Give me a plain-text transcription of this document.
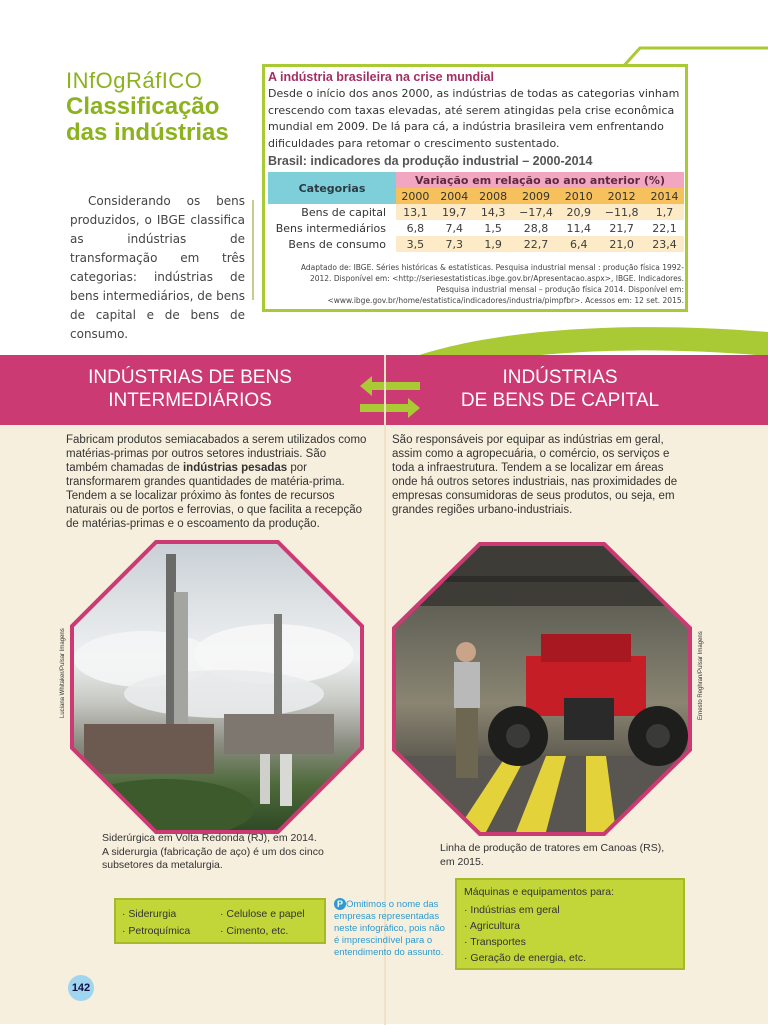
INfOgRáfICO
Classificação
das indústrias
Considerando os bens produzidos, o IBGE classifica as indústrias de transformação em três categorias: indústrias de bens intermediários, de bens de capital e de bens de consumo.
A indústria brasileira na crise mundial
Desde o início dos anos 2000, as indústrias de todas as categorias vinham crescendo com taxas elevadas, até serem atingidas pela crise econômica mundial em 2009. De lá para cá, a indústria brasileira vem enfrentando dificuldades para retomar o crescimento sustentado.
Brasil: indicadores da produção industrial – 2000-2014
Categorias	Variação em relação ao ano anterior (%)						
	2000	2004	2008	2009	2010	2012	2014
Bens de capital	13,1	19,7	14,3	−17,4	20,9	−11,8	1,7
Bens intermediários	6,8	7,4	1,5	28,8	11,4	21,7	22,1
Bens de consumo	3,5	7,3	1,9	22,7	6,4	21,0	23,4
Adaptado de: IBGE. Séries históricas & estatísticas. Pesquisa industrial mensal : produção física 1992-2012. Disponível em: <http://seriesestatisticas.ibge.gov.br/Apresentacao.aspx>, IBGE. Indicadores. Pesquisa industrial mensal – produção física 2014. Disponível em: <www.ibge.gov.br/home/estatistica/indicadores/industria/pimpfbr>. Acessos em: 12 set. 2015.
INDÚSTRIAS DE BENS
INTERMEDIÁRIOS
INDÚSTRIAS
DE BENS DE CAPITAL
Fabricam produtos semiacabados a serem utilizados como matérias-primas por outros setores industriais. São também chamadas de indústrias pesadas por transformarem grandes quantidades de matéria-prima. Tendem a se localizar próximo às fontes de recursos naturais ou de portos e ferrovias, o que facilita a recepção de matérias-primas e o escoamento da produção.
Luciana Whitaker/Pulsar Imagens
Siderúrgica em Volta Redonda (RJ), em 2014.
A siderurgia (fabricação de aço) é um dos cinco subsetores da metalurgia.
· Siderurgia	· Celulose e papel
· Petroquímica	· Cimento, etc.
São responsáveis por equipar as indústrias em geral, assim como a agropecuária, o comércio, os serviços e toda a infraestrutura. Tendem a se localizar em áreas onde há outros setores industriais, nas proximidades de empresas consumidoras de seus produtos, ou seja, em grandes regiões urbano-industriais.
Ernesto Reghran/Pulsar Imagens
Linha de produção de tratores em Canoas (RS), em 2015.
Máquinas e equipamentos para:
· Indústrias em geral
· Agricultura
· Transportes
· Geração de energia, etc.
P Omitimos o nome das empresas representadas neste infográfico, pois não é imprescindível para o entendimento do assunto.
142
